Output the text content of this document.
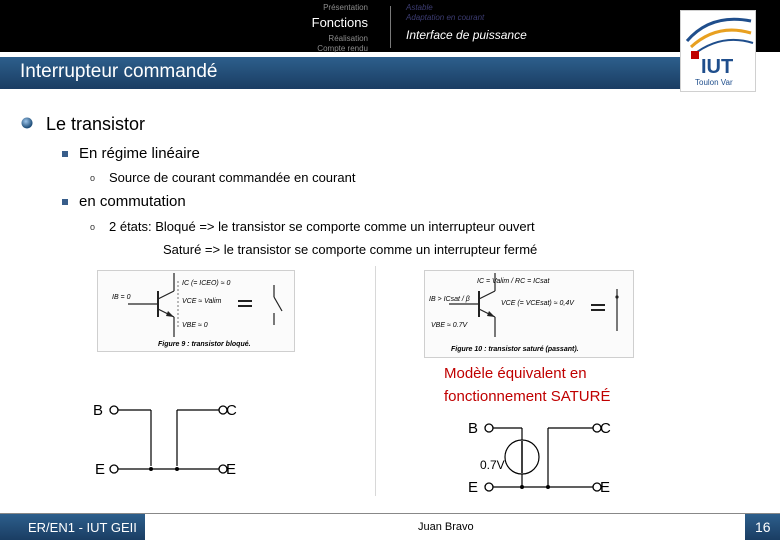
Présentation
Fonctions
Réalisation
Compte rendu
Astable
Adaptation en courant
Interface de puissance
Interrupteur commandé	IUT
Toulon Var
Le transistor
En régime linéaire
o Source de courant commandée en courant
en commutation
o 2 états: Bloqué => le transistor se comporte comme un interrupteur ouvert
Saturé => le transistor se comporte comme un interrupteur fermé
IB = 0
IC (= ICEO) ≈ 0
VCE ≈ Valim
VBE ≈ 0
Figure 9 : transistor bloqué.
IC = Valim / RC = ICsat
IB > ICsat / β
VCE (= VCEsat) ≈ 0,4V
VBE ≈ 0.7V
Figure 10 : transistor saturé (passant).
B	C
E	E
Modèle équivalent en
fonctionnement SATURÉ
B
0.7V
C
E	E
ER/EN1 - IUT GEII	Juan Bravo	16
